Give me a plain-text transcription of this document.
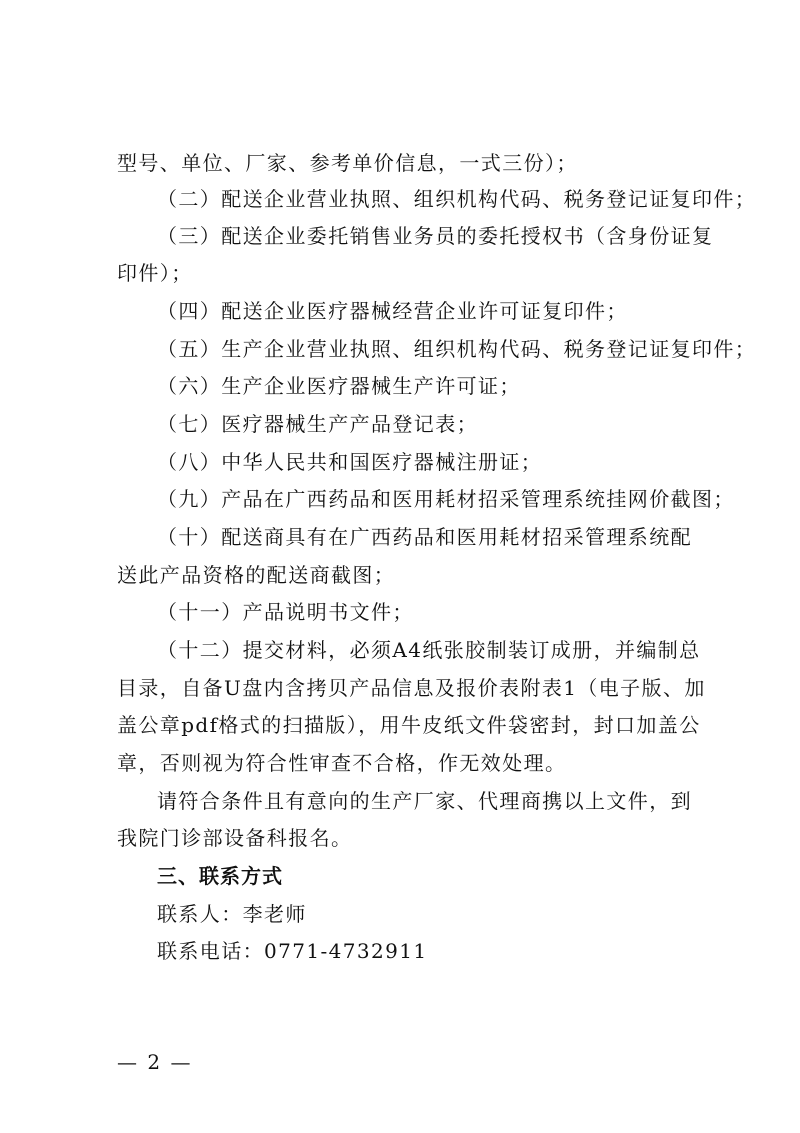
型号、单位、厂家、参考单价信息，一式三份）；
（二）配送企业营业执照、组织机构代码、税务登记证复印件；
（三）配送企业委托销售业务员的委托授权书（含身份证复
印件）；
（四）配送企业医疗器械经营企业许可证复印件；
（五）生产企业营业执照、组织机构代码、税务登记证复印件；
（六）生产企业医疗器械生产许可证；
（七）医疗器械生产产品登记表；
（八）中华人民共和国医疗器械注册证；
（九）产品在广西药品和医用耗材招采管理系统挂网价截图；
（十）配送商具有在广西药品和医用耗材招采管理系统配
送此产品资格的配送商截图；
（十一）产品说明书文件；
（十二）提交材料，必须A4纸张胶制装订成册，并编制总
目录，自备U盘内含拷贝产品信息及报价表附表1（电子版、加
盖公章pdf格式的扫描版），用牛皮纸文件袋密封，封口加盖公
章，否则视为符合性审查不合格，作无效处理。
请符合条件且有意向的生产厂家、代理商携以上文件，到
我院门诊部设备科报名。
三、联系方式
联系人：李老师
联系电话：0771-4732911
— 2 —
